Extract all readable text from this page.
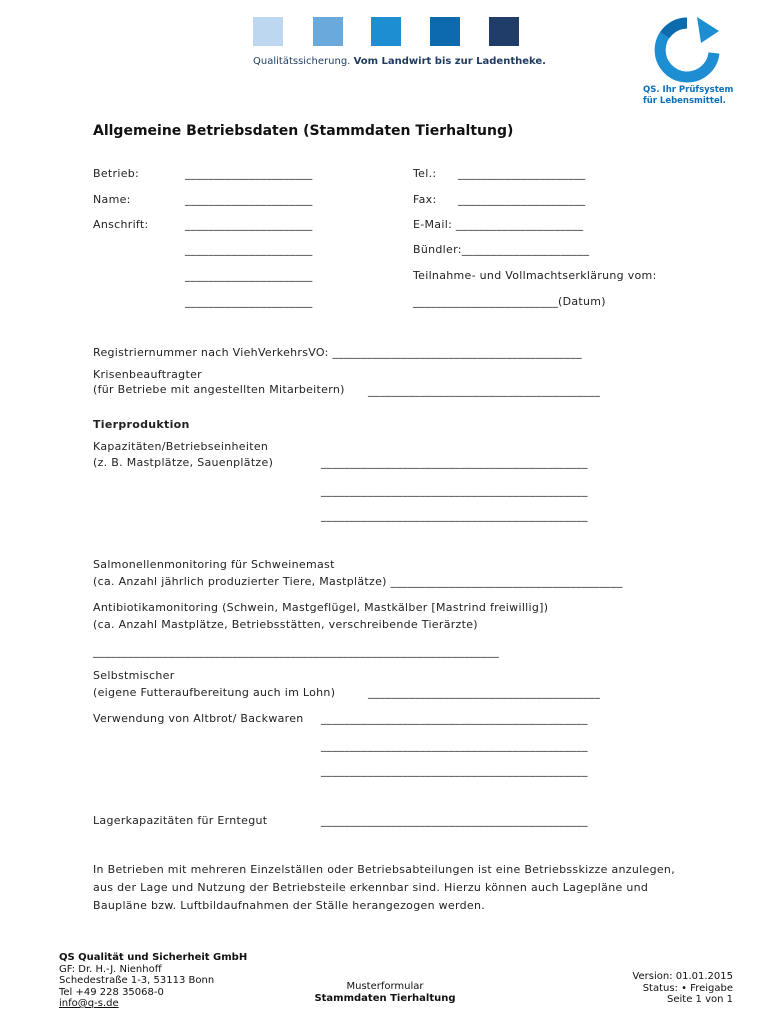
Qualitätssicherung. Vom Landwirt bis zur Ladentheke.
QS. Ihr Prüfsystem
für Lebensmittel.
Allgemeine Betriebsdaten (Stammdaten Tierhaltung)
Betrieb:	______________________	Tel.: ______________________
Name:	______________________	Fax: ______________________
Anschrift:	______________________	E-Mail: ______________________
______________________	Bündler:______________________
______________________	Teilnahme- und Vollmachtserklärung vom:
______________________	_________________________(Datum)
Registriernummer nach ViehVerkehrsVO: ___________________________________________
Krisenbeauftragter
(für Betriebe mit angestellten Mitarbeitern) ________________________________________
Tierproduktion
Kapazitäten/Betriebseinheiten
(z. B. Mastplätze, Sauenplätze)	______________________________________________
______________________________________________
______________________________________________
Salmonellenmonitoring für Schweinemast
(ca. Anzahl jährlich produzierter Tiere, Mastplätze) ________________________________________
Antibiotikamonitoring (Schwein, Mastgeflügel, Mastkälber [Mastrind freiwillig])
(ca. Anzahl Mastplätze, Betriebsstätten, verschreibende Tierärzte)
______________________________________________________________________
Selbstmischer
(eigene Futteraufbereitung auch im Lohn)	________________________________________
Verwendung von Altbrot/ Backwaren ______________________________________________
______________________________________________
______________________________________________
Lagerkapazitäten für Erntegut	______________________________________________
In Betrieben mit mehreren Einzelställen oder Betriebsabteilungen ist eine Betriebsskizze anzulegen,
aus der Lage und Nutzung der Betriebsteile erkennbar sind. Hierzu können auch Lagepläne und
Baupläne bzw. Luftbildaufnahmen der Ställe herangezogen werden.
QS Qualität und Sicherheit GmbH
GF: Dr. H.-J. Nienhoff
Schedestraße 1-3, 53113 Bonn
Tel +49 228 35068-0
info@q-s.de
Musterformular
Stammdaten Tierhaltung
Version: 01.01.2015
Status: • Freigabe
Seite 1 von 1
